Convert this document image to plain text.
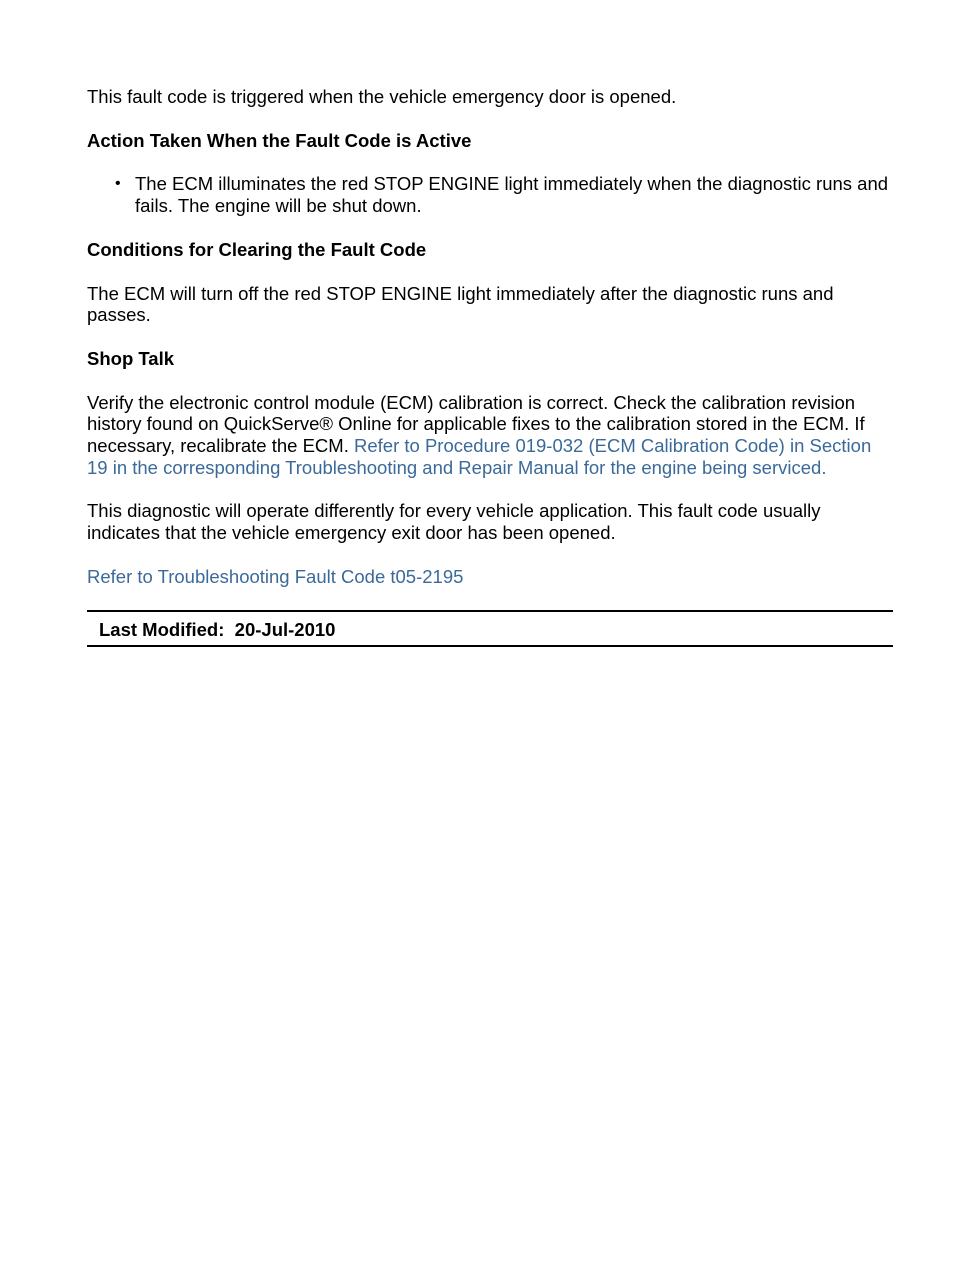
This fault code is triggered when the vehicle emergency door is opened.

Action Taken When the Fault Code is Active
• The ECM illuminates the red STOP ENGINE light immediately when the diagnostic runs and fails. The engine will be shut down.
Conditions for Clearing the Fault Code

The ECM will turn off the red STOP ENGINE light immediately after the diagnostic runs and passes.

Shop Talk

Verify the electronic control module (ECM) calibration is correct. Check the calibration revision history found on QuickServe® Online for applicable fixes to the calibration stored in the ECM. If necessary, recalibrate the ECM. Refer to Procedure 019-032 (ECM Calibration Code) in Section 19 in the corresponding Troubleshooting and Repair Manual for the engine being serviced.

This diagnostic will operate differently for every vehicle application. This fault code usually indicates that the vehicle emergency exit door has been opened.

Refer to Troubleshooting Fault Code t05-2195

Last Modified: 20-Jul-2010
